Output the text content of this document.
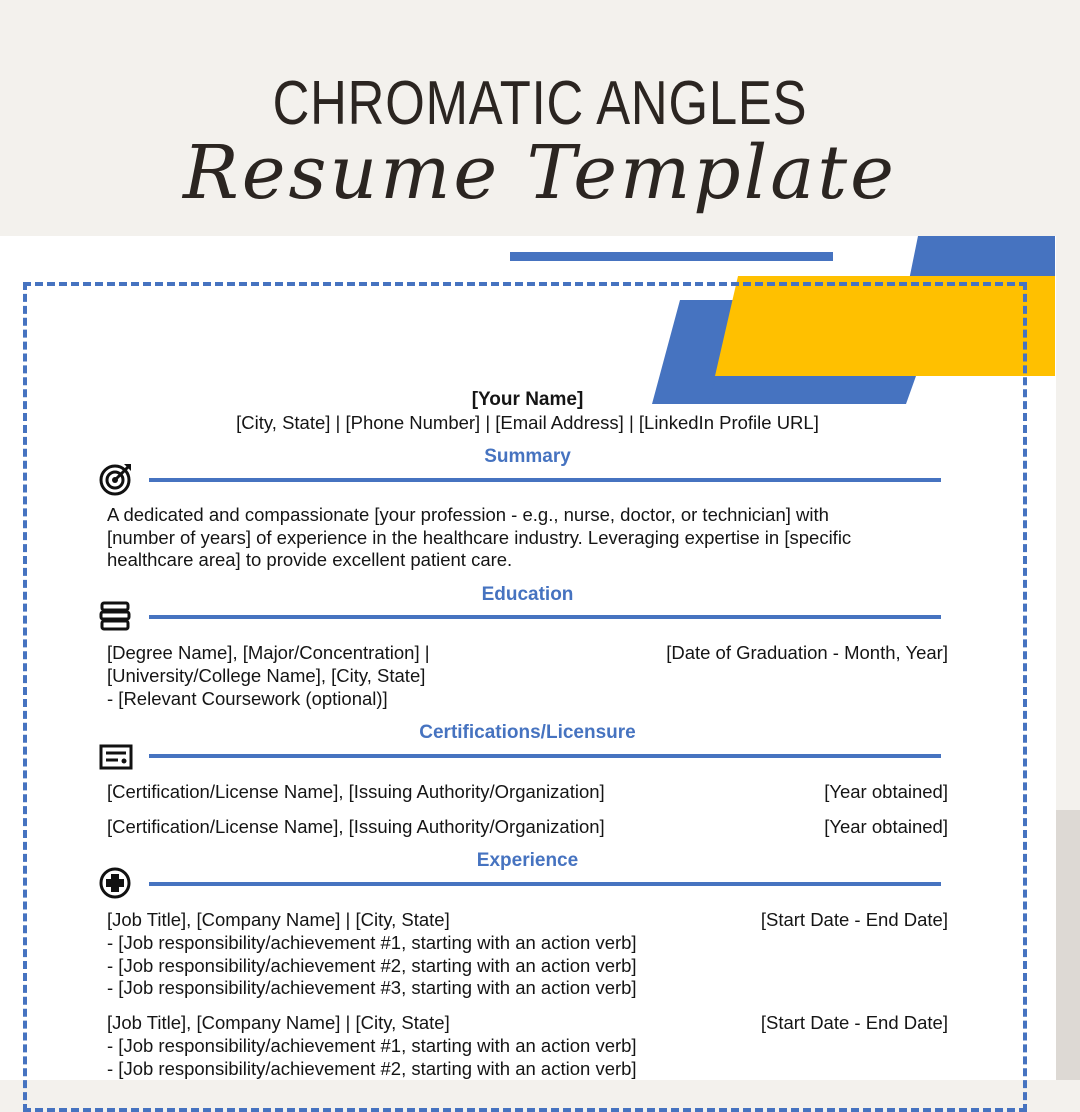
CHROMATIC ANGLES
Resume Template
[Your Name]
[City, State] | [Phone Number] | [Email Address] | [LinkedIn Profile URL]
Summary
A dedicated and compassionate [your profession - e.g., nurse, doctor, or technician] with
[number of years] of experience in the healthcare industry. Leveraging expertise in [specific
healthcare area] to provide excellent patient care.
Education
[Degree Name], [Major/Concentration] |	[Date of Graduation - Month, Year]
[University/College Name], [City, State]
- [Relevant Coursework (optional)]
Certifications/Licensure
[Certification/License Name], [Issuing Authority/Organization]	[Year obtained]
[Certification/License Name], [Issuing Authority/Organization]	[Year obtained]
Experience
[Job Title], [Company Name] | [City, State]	[Start Date - End Date]
- [Job responsibility/achievement #1, starting with an action verb]
- [Job responsibility/achievement #2, starting with an action verb]
- [Job responsibility/achievement #3, starting with an action verb]
[Job Title], [Company Name] | [City, State]	[Start Date - End Date]
- [Job responsibility/achievement #1, starting with an action verb]
- [Job responsibility/achievement #2, starting with an action verb]
